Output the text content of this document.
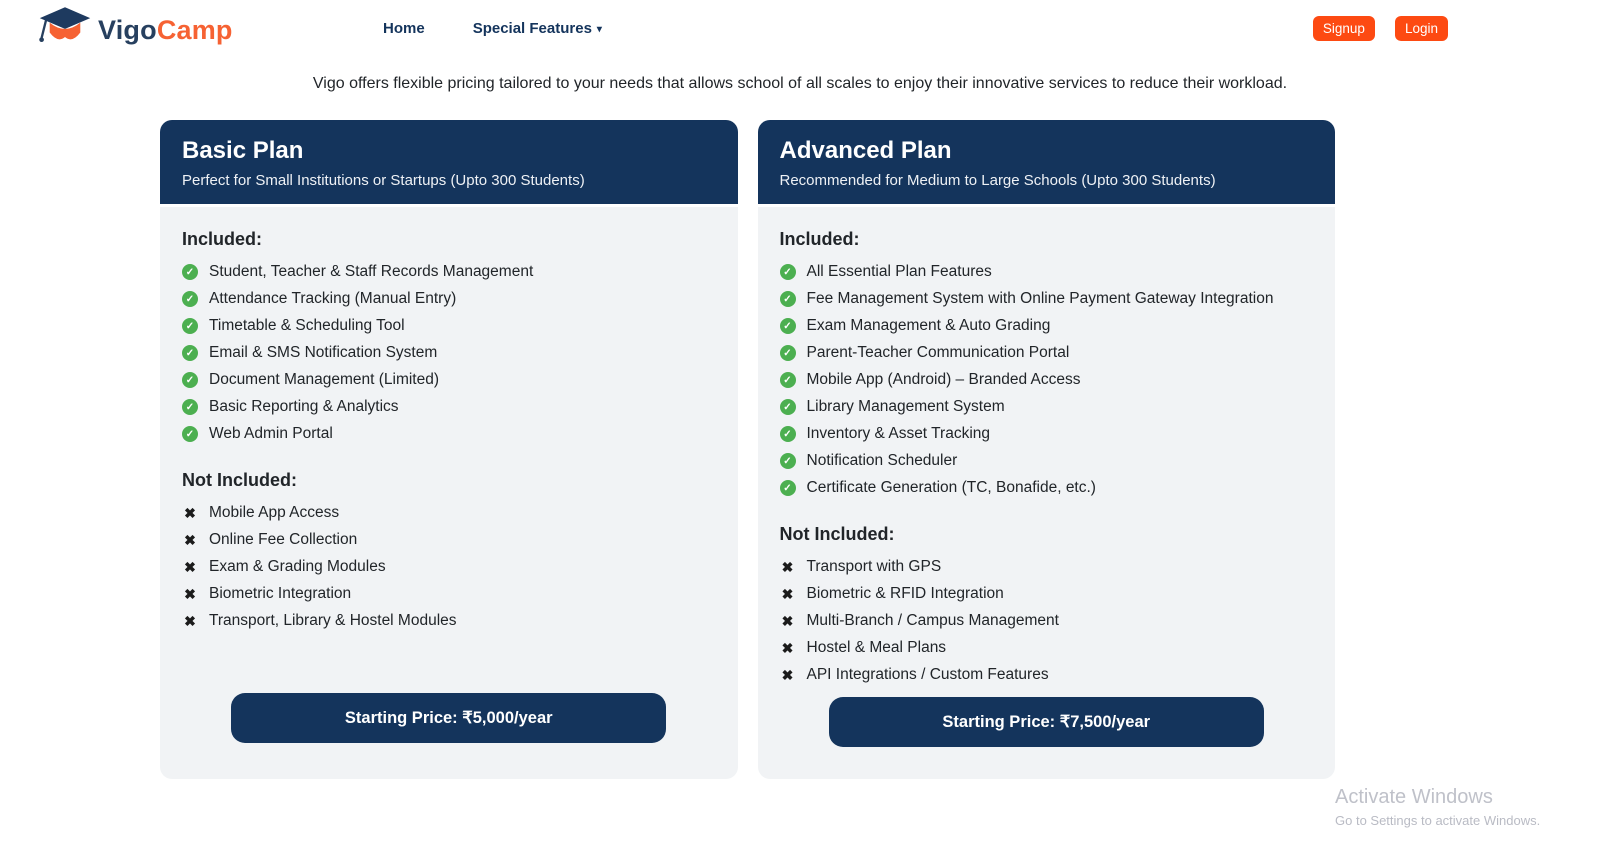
VigoCamp	Home	Special Features ▾	Signup	Login

Vigo offers flexible pricing tailored to your needs that allows school of all scales to enjoy their innovative services to reduce their workload.

Basic Plan
Perfect for Small Institutions or Startups (Upto 300 Students)
Included:
✓ Student, Teacher & Staff Records Management
✓ Attendance Tracking (Manual Entry)
✓ Timetable & Scheduling Tool
✓ Email & SMS Notification System
✓ Document Management (Limited)
✓ Basic Reporting & Analytics
✓ Web Admin Portal
Not Included:
✖ Mobile App Access
✖ Online Fee Collection
✖ Exam & Grading Modules
✖ Biometric Integration
✖ Transport, Library & Hostel Modules
Starting Price: ₹5,000/year
Advanced Plan
Recommended for Medium to Large Schools (Upto 300 Students)
Included:
✓ All Essential Plan Features
✓ Fee Management System with Online Payment Gateway Integration
✓ Exam Management & Auto Grading
✓ Parent-Teacher Communication Portal
✓ Mobile App (Android) – Branded Access
✓ Library Management System
✓ Inventory & Asset Tracking
✓ Notification Scheduler
✓ Certificate Generation (TC, Bonafide, etc.)
Not Included:
✖ Transport with GPS
✖ Biometric & RFID Integration
✖ Multi-Branch / Campus Management
✖ Hostel & Meal Plans
✖ API Integrations / Custom Features
Starting Price: ₹7,500/year
Activate Windows
Go to Settings to activate Windows.
